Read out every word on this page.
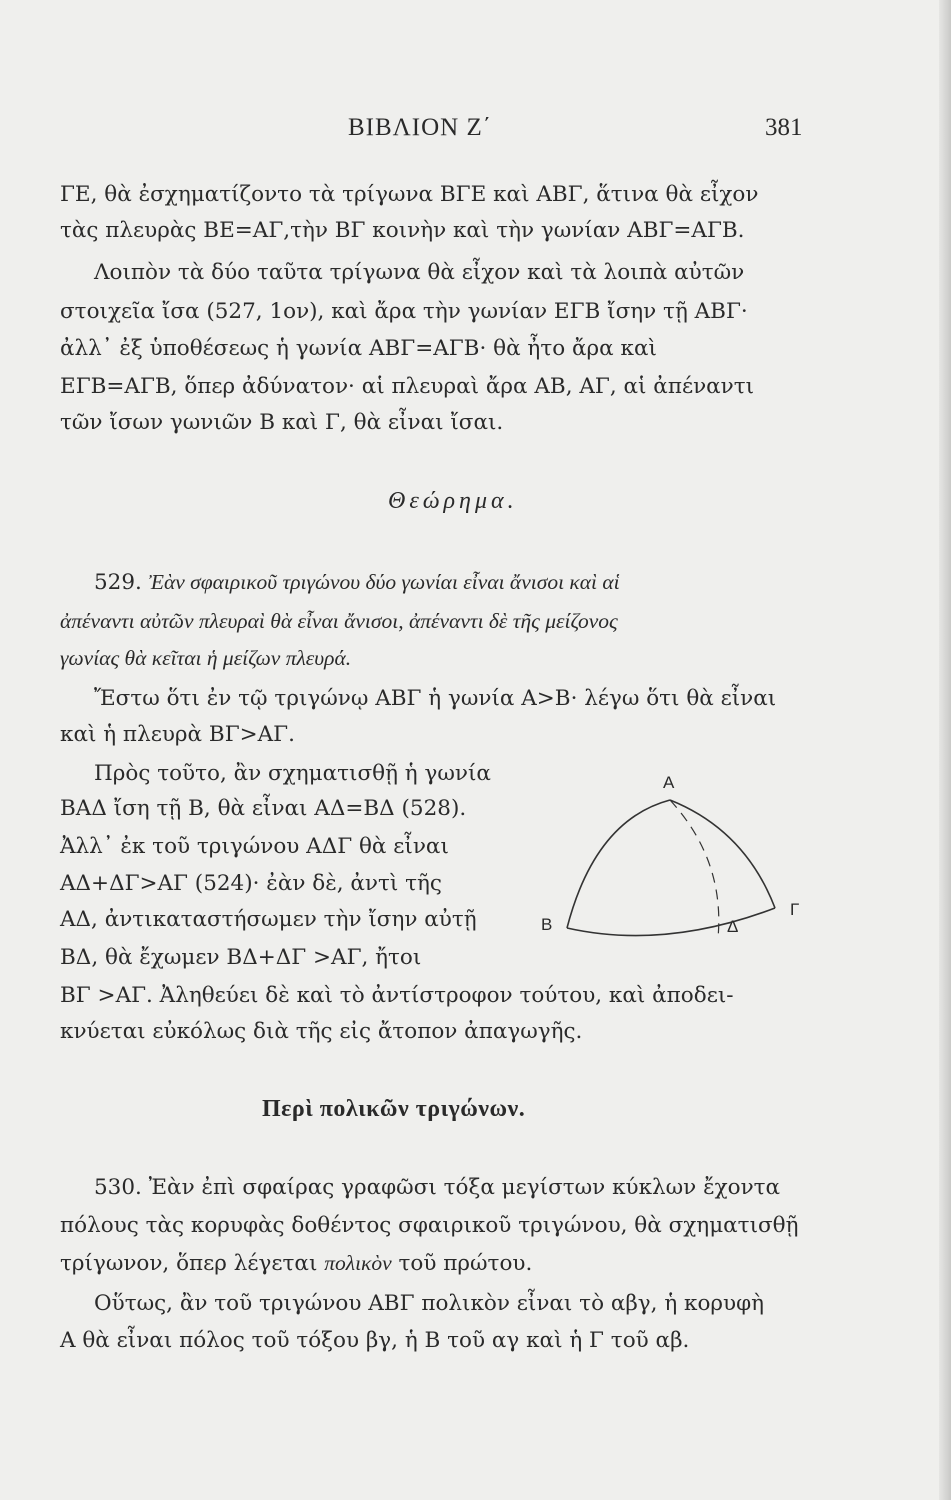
ΒΙΒΛΙΟΝ Ζ΄	381
ΓΕ, θὰ ἐσχηματίζοντο τὰ τρίγωνα ΒΓΕ καὶ ΑΒΓ, ἅτινα θὰ εἶχον
τὰς πλευρὰς ΒΕ=ΑΓ,τὴν ΒΓ κοινὴν καὶ τὴν γωνίαν ΑΒΓ=ΑΓΒ.
Λοιπὸν τὰ δύο ταῦτα τρίγωνα θὰ εἶχον καὶ τὰ λοιπὰ αὐτῶν
στοιχεῖα ἴσα (527, 1ον), καὶ ἄρα τὴν γωνίαν ΕΓΒ ἴσην τῇ ΑΒΓ·
ἀλλ᾽ ἐξ ὑποθέσεως ἡ γωνία ΑΒΓ=ΑΓΒ· θὰ ἦτο ἄρα καὶ
ΕΓΒ=ΑΓΒ, ὅπερ ἀδύνατον· αἱ πλευραὶ ἄρα ΑΒ, ΑΓ, αἱ ἀπέναντι
τῶν ἴσων γωνιῶν Β καὶ Γ, θὰ εἶναι ἴσαι.
Θεώρημα.
529. Ἐὰν σφαιρικοῦ τριγώνου δύο γωνίαι εἶναι ἄνισοι καὶ αἱ
ἀπέναντι αὐτῶν πλευραὶ θὰ εἶναι ἄνισοι, ἀπέναντι δὲ τῆς μείζονος
γωνίας θὰ κεῖται ἡ μείζων πλευρά.
Ἔστω ὅτι ἐν τῷ τριγώνῳ ΑΒΓ ἡ γωνία Α>Β· λέγω ὅτι θὰ εἶναι
καὶ ἡ πλευρὰ ΒΓ>ΑΓ.
Πρὸς τοῦτο, ἂν σχηματισθῇ ἡ γωνία
ΒΑΔ ἴση τῇ Β, θὰ εἶναι ΑΔ=ΒΔ (528).
Ἀλλ᾽ ἐκ τοῦ τριγώνου ΑΔΓ θὰ εἶναι
ΑΔ+ΔΓ>ΑΓ (524)· ἐὰν δὲ, ἀντὶ τῆς
ΑΔ, ἀντικαταστήσωμεν τὴν ἴσην αὐτῇ
ΒΔ, θὰ ἔχωμεν ΒΔ+ΔΓ >ΑΓ, ἤτοι
ΒΓ >ΑΓ. Ἀληθεύει δὲ καὶ τὸ ἀντίστροφον τούτου, καὶ ἀποδει-
κνύεται εὐκόλως διὰ τῆς εἰς ἄτοπον ἀπαγωγῆς.
Α
Β
Γ
Δ
Περὶ πολικῶν τριγώνων.
530. Ἐὰν ἐπὶ σφαίρας γραφῶσι τόξα μεγίστων κύκλων ἔχοντα
πόλους τὰς κορυφὰς δοθέντος σφαιρικοῦ τριγώνου, θὰ σχηματισθῇ
τρίγωνον, ὅπερ λέγεται πολικὸν τοῦ πρώτου.
Οὕτως, ἂν τοῦ τριγώνου ΑΒΓ πολικὸν εἶναι τὸ αβγ, ἡ κορυφὴ
Α θὰ εἶναι πόλος τοῦ τόξου βγ, ἡ Β τοῦ αγ καὶ ἡ Γ τοῦ αβ.
